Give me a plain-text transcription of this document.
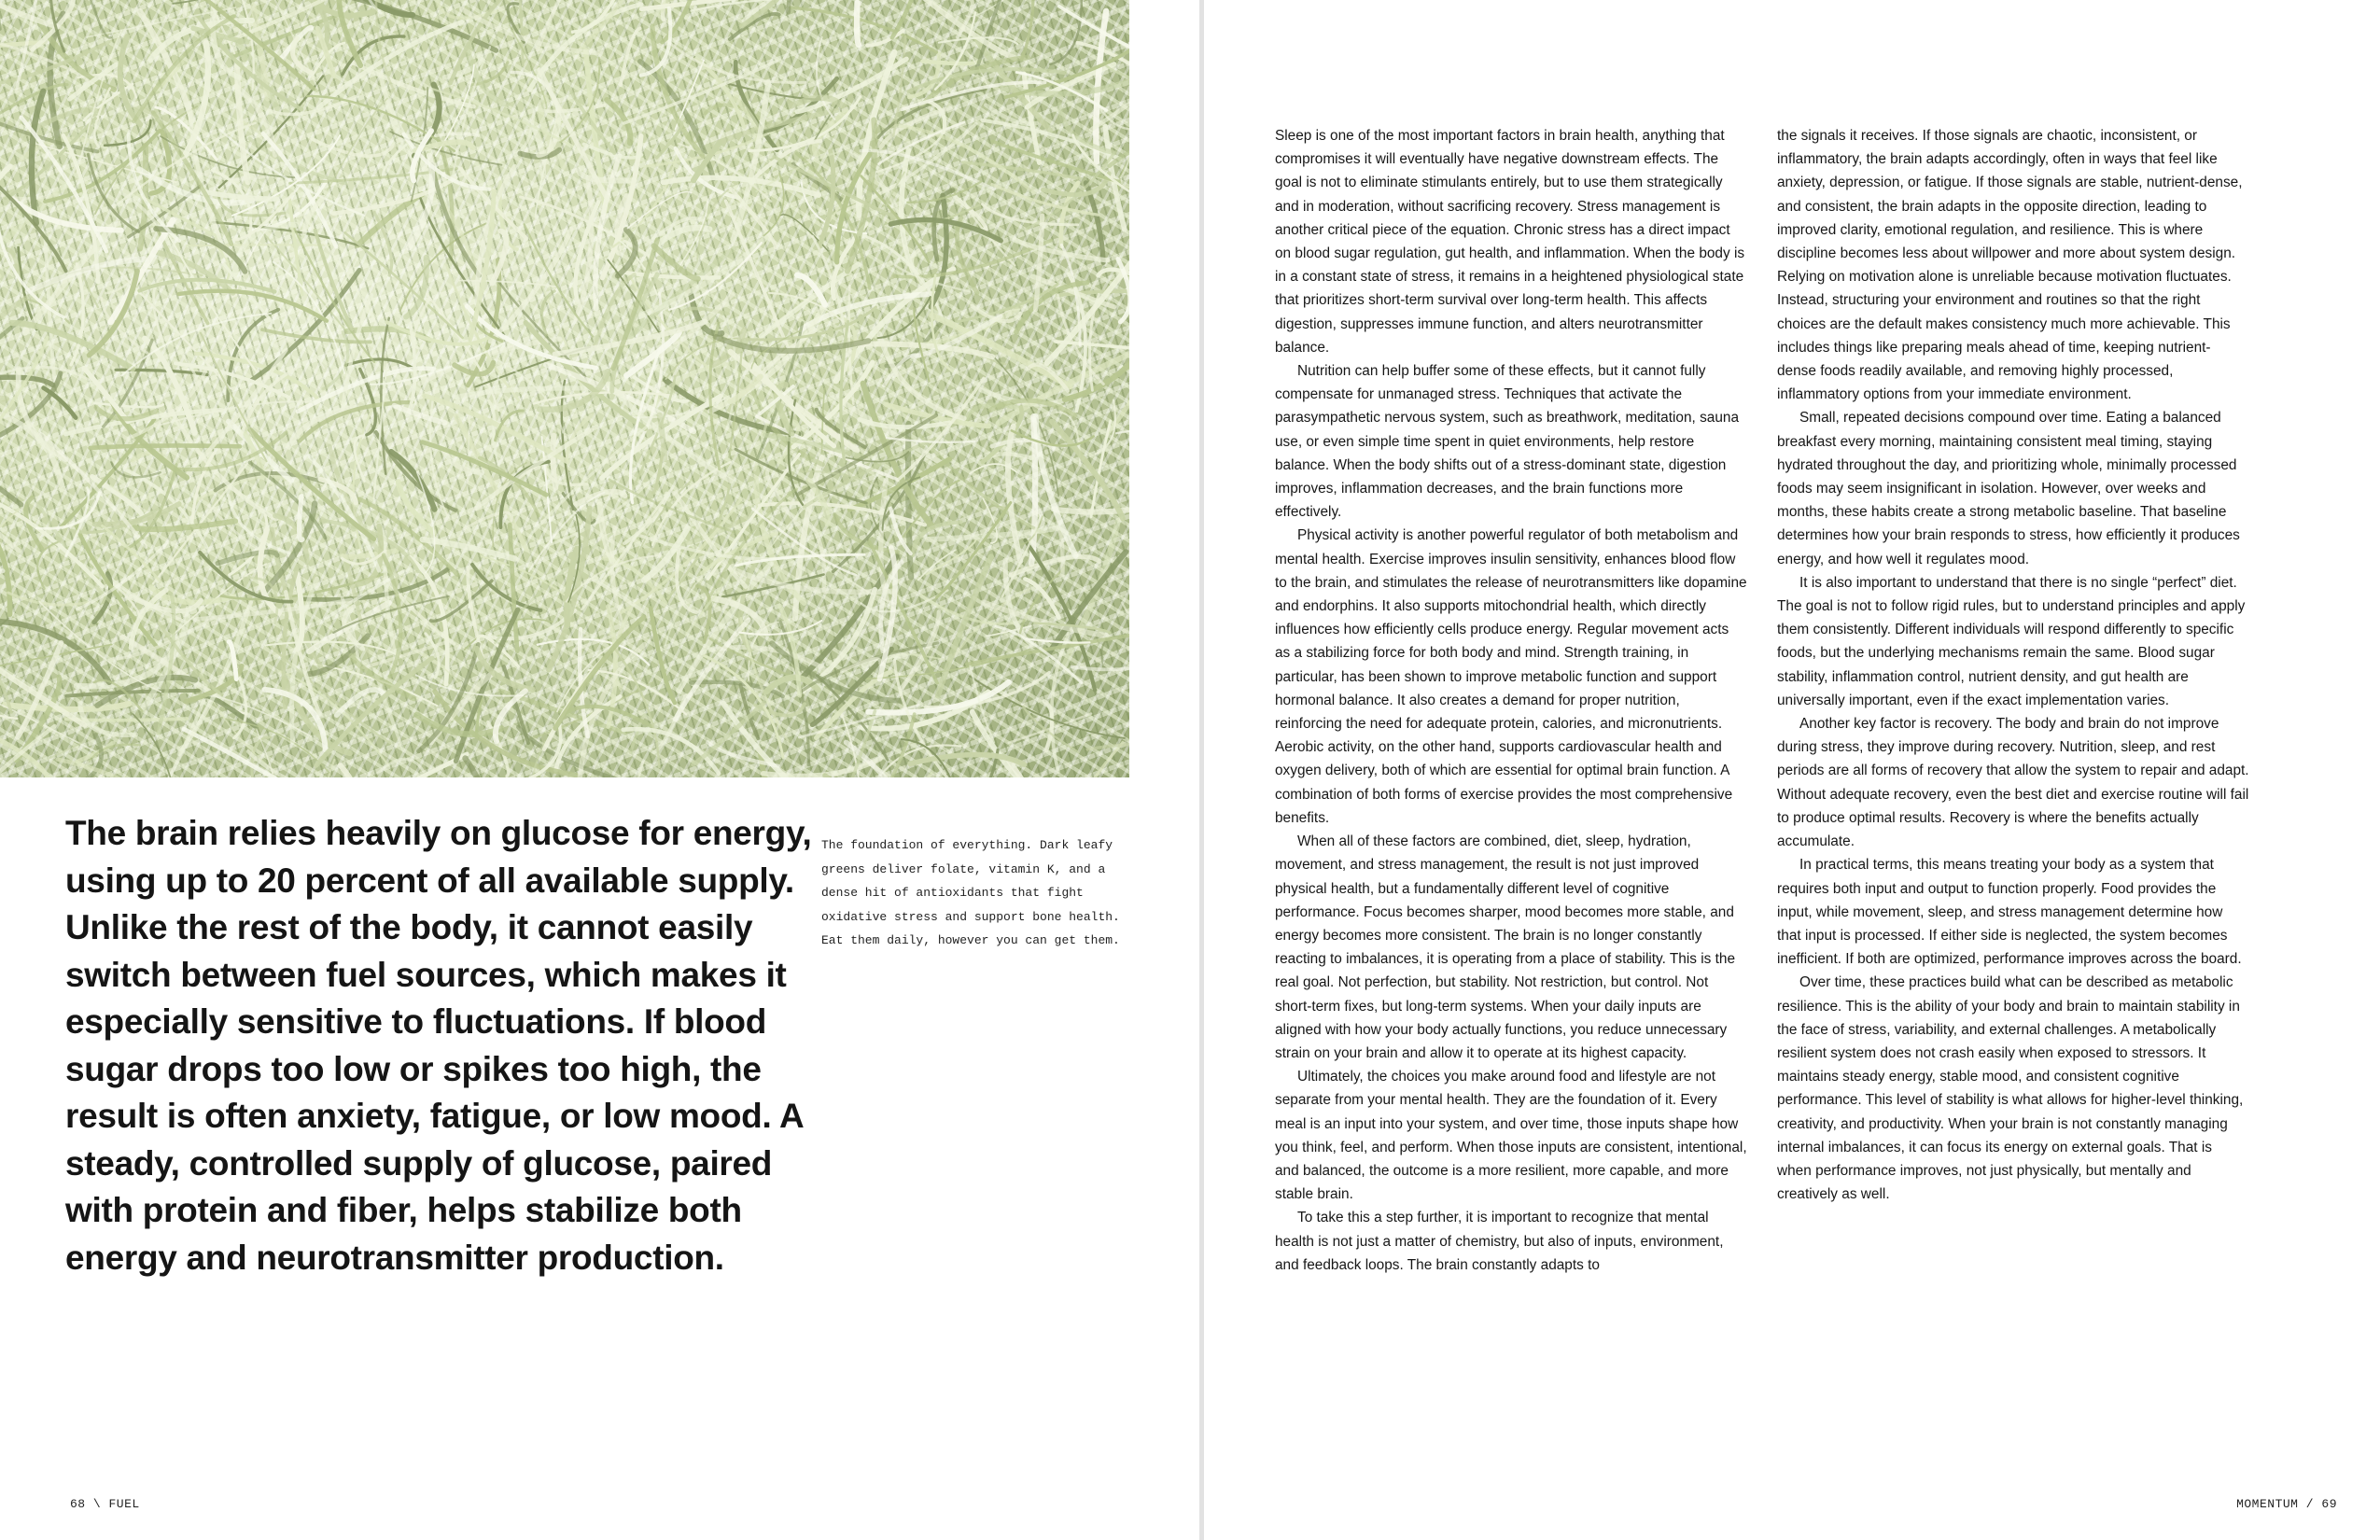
The brain relies heavily on glucose for energy, using up to 20 percent of all available supply. Unlike the rest of the body, it cannot easily switch between fuel sources, which makes it especially sensitive to fluctuations. If blood sugar drops too low or spikes too high, the result is often anxiety, fatigue, or low mood. A steady, controlled supply of glucose, paired with protein and fiber, helps stabilize both energy and neurotransmitter production.

The foundation of everything. Dark leafy greens deliver folate, vitamin K, and a dense hit of antioxidants that fight oxidative stress and support bone health. Eat them daily, however you can get them.

68 \ FUEL	MOMENTUM / 69

Sleep is one of the most important factors in brain health, anything that compromises it will eventually have negative downstream effects. The goal is not to eliminate stimulants entirely, but to use them strategically and in moderation, without sacrificing recovery. Stress management is another critical piece of the equation. Chronic stress has a direct impact on blood sugar regulation, gut health, and inflammation. When the body is in a constant state of stress, it remains in a heightened physiological state that prioritizes short-term survival over long-term health. This affects digestion, suppresses immune function, and alters neurotransmitter balance.

Nutrition can help buffer some of these effects, but it cannot fully compensate for unmanaged stress. Techniques that activate the parasympathetic nervous system, such as breathwork, meditation, sauna use, or even simple time spent in quiet environments, help restore balance. When the body shifts out of a stress-dominant state, digestion improves, inflammation decreases, and the brain functions more effectively.

Physical activity is another powerful regulator of both metabolism and mental health. Exercise improves insulin sensitivity, enhances blood flow to the brain, and stimulates the release of neurotransmitters like dopamine and endorphins. It also supports mitochondrial health, which directly influences how efficiently cells produce energy. Regular movement acts as a stabilizing force for both body and mind. Strength training, in particular, has been shown to improve metabolic function and support hormonal balance. It also creates a demand for proper nutrition, reinforcing the need for adequate protein, calories, and micronutrients. Aerobic activity, on the other hand, supports cardiovascular health and oxygen delivery, both of which are essential for optimal brain function. A combination of both forms of exercise provides the most comprehensive benefits.

When all of these factors are combined, diet, sleep, hydration, movement, and stress management, the result is not just improved physical health, but a fundamentally different level of cognitive performance. Focus becomes sharper, mood becomes more stable, and energy becomes more consistent. The brain is no longer constantly reacting to imbalances, it is operating from a place of stability. This is the real goal. Not perfection, but stability. Not restriction, but control. Not short-term fixes, but long-term systems. When your daily inputs are aligned with how your body actually functions, you reduce unnecessary strain on your brain and allow it to operate at its highest capacity.

Ultimately, the choices you make around food and lifestyle are not separate from your mental health. They are the foundation of it. Every meal is an input into your system, and over time, those inputs shape how you think, feel, and perform. When those inputs are consistent, intentional, and balanced, the outcome is a more resilient, more capable, and more stable brain.

To take this a step further, it is important to recognize that mental health is not just a matter of chemistry, but also of inputs, environment, and feedback loops. The brain constantly adapts to

the signals it receives. If those signals are chaotic, inconsistent, or inflammatory, the brain adapts accordingly, often in ways that feel like anxiety, depression, or fatigue. If those signals are stable, nutrient-dense, and consistent, the brain adapts in the opposite direction, leading to improved clarity, emotional regulation, and resilience. This is where discipline becomes less about willpower and more about system design. Relying on motivation alone is unreliable because motivation fluctuates. Instead, structuring your environment and routines so that the right choices are the default makes consistency much more achievable. This includes things like preparing meals ahead of time, keeping nutrient-dense foods readily available, and removing highly processed, inflammatory options from your immediate environment.

Small, repeated decisions compound over time. Eating a balanced breakfast every morning, maintaining consistent meal timing, staying hydrated throughout the day, and prioritizing whole, minimally processed foods may seem insignificant in isolation. However, over weeks and months, these habits create a strong metabolic baseline. That baseline determines how your brain responds to stress, how efficiently it produces energy, and how well it regulates mood.

It is also important to understand that there is no single “perfect” diet. The goal is not to follow rigid rules, but to understand principles and apply them consistently. Different individuals will respond differently to specific foods, but the underlying mechanisms remain the same. Blood sugar stability, inflammation control, nutrient density, and gut health are universally important, even if the exact implementation varies.

Another key factor is recovery. The body and brain do not improve during stress, they improve during recovery. Nutrition, sleep, and rest periods are all forms of recovery that allow the system to repair and adapt. Without adequate recovery, even the best diet and exercise routine will fail to produce optimal results. Recovery is where the benefits actually accumulate.

In practical terms, this means treating your body as a system that requires both input and output to function properly. Food provides the input, while movement, sleep, and stress management determine how that input is processed. If either side is neglected, the system becomes inefficient. If both are optimized, performance improves across the board.

Over time, these practices build what can be described as metabolic resilience. This is the ability of your body and brain to maintain stability in the face of stress, variability, and external challenges. A metabolically resilient system does not crash easily when exposed to stressors. It maintains steady energy, stable mood, and consistent cognitive performance. This level of stability is what allows for higher-level thinking, creativity, and productivity. When your brain is not constantly managing internal imbalances, it can focus its energy on external goals. That is when performance improves, not just physically, but mentally and creatively as well.
